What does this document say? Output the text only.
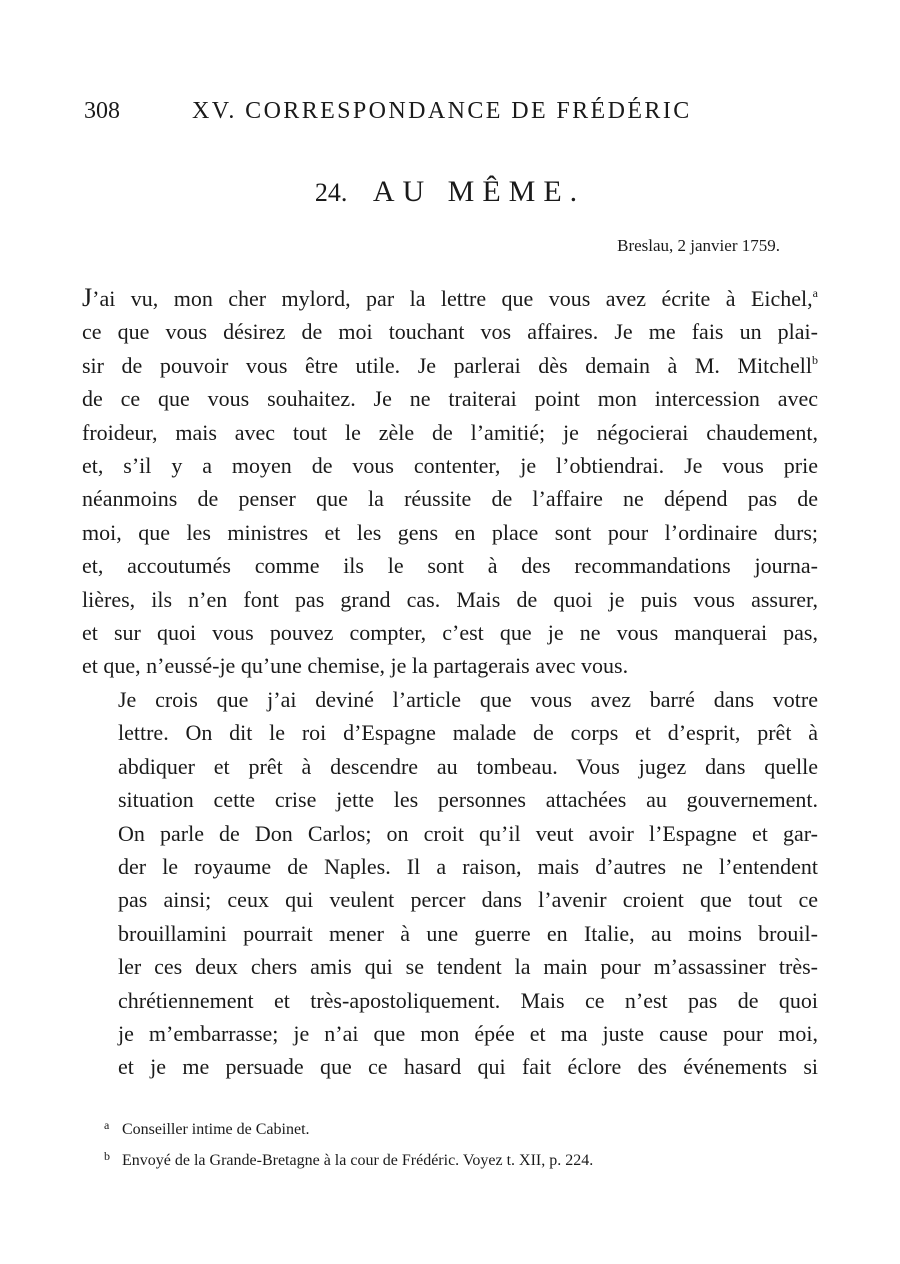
308	XV. CORRESPONDANCE DE FRÉDÉRIC
24. AU MÊME.
Breslau, 2 janvier 1759.

J’ai vu, mon cher mylord, par la lettre que vous avez écrite à Eichel,$^a$
ce que vous désirez de moi touchant vos affaires. Je me fais un plai-
sir de pouvoir vous être utile. Je parlerai dès demain à M. Mitchell$^b$
de ce que vous souhaitez. Je ne traiterai point mon intercession avec
froideur, mais avec tout le zèle de l’amitié; je négocierai chaudement,
et, s’il y a moyen de vous contenter, je l’obtiendrai. Je vous prie
néanmoins de penser que la réussite de l’affaire ne dépend pas de
moi, que les ministres et les gens en place sont pour l’ordinaire durs;
et, accoutumés comme ils le sont à des recommandations journa-
lières, ils n’en font pas grand cas. Mais de quoi je puis vous assurer,
et sur quoi vous pouvez compter, c’est que je ne vous manquerai pas,
et que, n’eussé-je qu’une chemise, je la partagerais avec vous.

Je crois que j’ai deviné l’article que vous avez barré dans votre
lettre. On dit le roi d’Espagne malade de corps et d’esprit, prêt à
abdiquer et prêt à descendre au tombeau. Vous jugez dans quelle
situation cette crise jette les personnes attachées au gouvernement.
On parle de Don Carlos; on croit qu’il veut avoir l’Espagne et gar-
der le royaume de Naples. Il a raison, mais d’autres ne l’entendent
pas ainsi; ceux qui veulent percer dans l’avenir croient que tout ce
brouillamini pourrait mener à une guerre en Italie, au moins brouil-
ler ces deux chers amis qui se tendent la main pour m’assassiner très-
chrétiennement et très-apostoliquement. Mais ce n’est pas de quoi
je m’embarrasse; je n’ai que mon épée et ma juste cause pour moi,
et je me persuade que ce hasard qui fait éclore des événements si

a Conseiller intime de Cabinet.
b Envoyé de la Grande-Bretagne à la cour de Frédéric. Voyez t. XII, p. 224.
